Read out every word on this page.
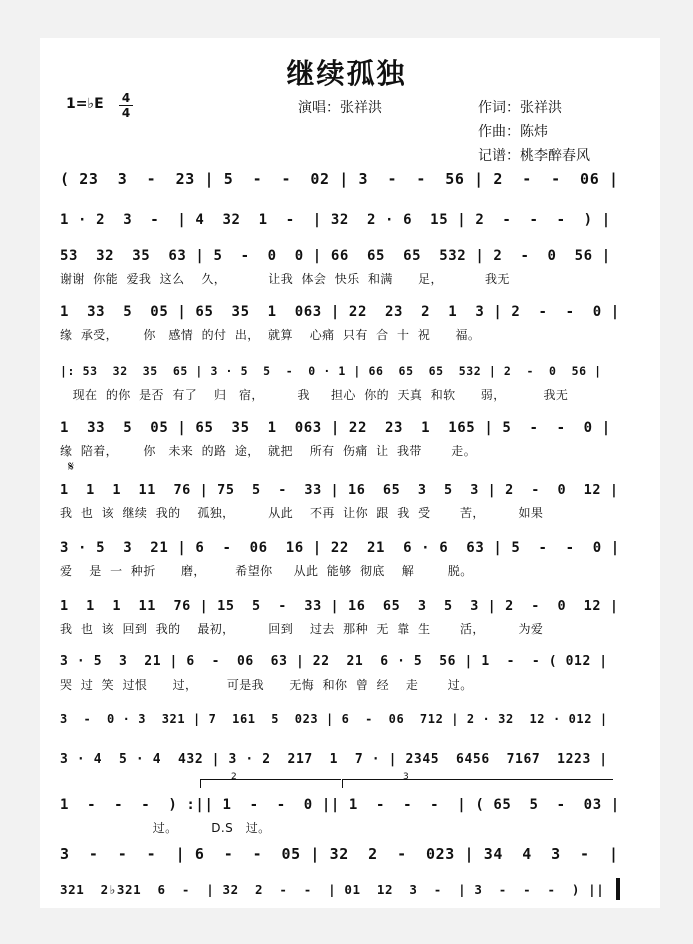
继续孤独
1=♭E 4
4	演唱：张祥洪	作词：张祥洪
作曲：陈炜
记谱：桃李醉春风
( 23  3  -  23 | 5  -  -  02 | 3  -  -  56 | 2  -  -  06 |
1 · 2  3  -  | 4  32  1  -  | 32  2 · 6  15 | 2  -  -  -  ) |
53  32  35  63 | 5  -  0  0 | 66  65  65  532 | 2  -  0  56 |
谢谢  你能  爱我  这么    久，          让我  体会  快乐  和满      足，          我无
1  33  5  05 | 65  35  1  063 | 22  23  2  1  3 | 2  -  -  0 |
缘  承受，      你   感情  的付  出，  就算    心痛  只有  合  十  祝      福。
|: 53  32  35  65 | 3 · 5  5  -  0 · 1 | 66  65  65  532 | 2  -  0  56 |
现在  的你  是否  有了    归   宿，        我     担心  你的  天真  和软      弱，         我无
1  33  5  05 | 65  35  1  063 | 22  23  1  165 | 5  -  -  0 |
缘  陪着，      你   未来  的路  途，  就把    所有  伤痛  让  我带       走。
1  1  1  11  76 | 75  5  -  33 | 16  65  3  5  3 | 2  -  0  12 |
我  也  该  继续  我的    孤独，        从此    不再  让你  跟  我  受       苦，        如果
3 · 5  3  21 | 6  -  06  16 | 22  21  6 · 6  63 | 5  -  -  0 |
爱    是  一  种折      磨，       希望你     从此  能够  彻底    解        脱。
1  1  1  11  76 | 15  5  -  33 | 16  65  3  5  3 | 2  -  0  12 |
我  也  该  回到  我的    最初，        回到    过去  那种  无  靠  生       活，        为爱
3 · 5  3  21 | 6  -  06  63 | 22  21  6 · 5  56 | 1  -  - ( 012 |
哭  过  笑  过恨      过，       可是我      无悔  和你  曾  经    走       过。
3  -  0 · 3  321 | 7  161  5  023 | 6  -  06  712 | 2 · 32  12 · 012 |
3 · 4  5 · 4  432 | 3 · 2  217  1  7 · | 2345  6456  7167  1223 |
1  -  -  -  ) :|| 1  -  -  0 || 1  -  -  -  | ( 65  5  -  03 |
过。        D.S   过。
3  -  -  -  | 6  -  -  05 | 32  2  -  023 | 34  4  3  -  |
321  2♭321  6  -  | 32  2  -  -  | 01  12  3  -  | 3  -  -  -  ) ||
2	3
𝄋
